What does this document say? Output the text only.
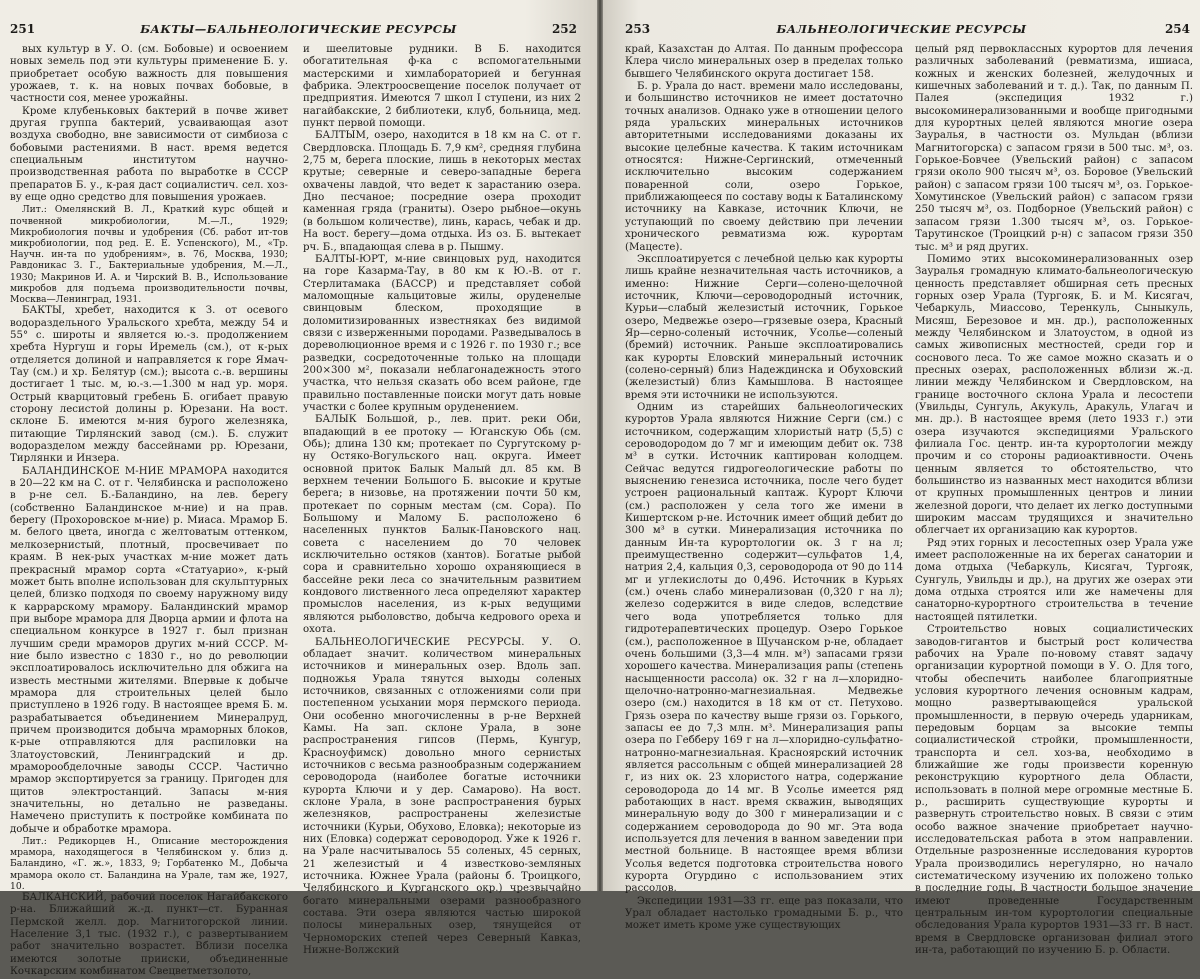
251	БАКТЫ—БАЛЬНЕОЛОГИЧЕСКИЕ РЕСУРСЫ	252

вых культур в У. О. (см. Бобовые) и освоением новых земель под эти культуры применение Б. у. приобретает особую важность для повышения урожаев, т. к. на новых почвах бобовые, в частности соя, менее урожайны.

Кроме клубеньковых бактерий в почве живет другая группа бактерий, усваивающая азот воздуха свободно, вне зависимости от симбиоза с бобовыми растениями. В наст. время ведется специальным институтом научно-производственная работа по выработке в СССР препаратов Б. у., к-рая даст социалистич. сел. хоз-ву еще одно средство для повышения урожаев.

Лит.: Омелянский В. Л., Краткий курс общей и почвенной микробиологии, М.—Л., 1929; Микробиология почвы и удобрения (Сб. работ ит-тов микробиологии, под ред. Е. Е. Успенского), М., «Тр. Научн. ин-та по удобрениям», в. 76, Москва, 1930; Равдоникас З. Г., Бактериальные удобрения, М.—Л., 1930; Макринов И. А. и Чирский В. В., Использование микробов для подъема производительности почвы, Москва—Ленинград, 1931.

БАКТЫ, хребет, находится к З. от осевого водораздельного Уральского хребта, между 54 и 55° с. широты и является ю.-з. продолжением хребта Нургуш и горы Иремель (см.), от к-рых отделяется долиной и направляется к горе Ямач-Тау (см.) и хр. Белятур (см.); высота с.-в. вершины достигает 1 тыс. м, ю.-з.—1.300 м над ур. моря. Острый кварцитовый гребень Б. огибает правую сторону лесистой долины р. Юрезани. На вост. склоне Б. имеются м-ния бурого железняка, питающие Тирлянский завод (см.). Б. служит водоразделом между бассейнами рр. Юрезани, Тирлянки и Инзера.

БАЛАНДИНСКОЕ М-НИЕ МРАМОРА находится в 20—22 км на С. от г. Челябинска и расположено в р-не сел. Б.-Баландино, на лев. берегу (собственно Баландинское м-ние) и на прав. берегу (Прохоровское м-ние) р. Миаса. Мрамор Б. м. белого цвета, иногда с желтоватым оттенком, мелкозернистый, плотный, просвечивает по краям. В нек-рых участках м-ние может дать прекрасный мрамор сорта «Статуарио», к-рый может быть вполне использован для скульптурных целей, близко подходя по своему наружному виду к каррарскому мрамору. Баландинский мрамор при выборе мрамора для Дворца армии и флота на специальном конкурсе в 1927 г. был признан лучшим среди мраморов других м-ний СССР. М-ние было известно с 1830 г., но до революции эксплоатировалось исключительно для обжига на известь местными жителями. Впервые к добыче мрамора для строительных целей было приступлено в 1926 году. В настоящее время Б. м. разрабатывается объединением Минералруд, причем производится добыча мраморных блоков, к-рые отправляются для распиловки на Златоустовский, Ленинградский и др. мраморообделочные заводы СССР. Частично мрамор экспортируется за границу. Пригоден для щитов электростанций. Запасы м-ния значительны, но детально не разведаны. Намечено приступить к постройке комбината по добыче и обработке мрамора.

Лит.: Редикорцев Н., Описание месторождения мрамора, находящегося в Челябинском у. близ д. Баландино, «Г. ж.», 1833, 9; Горбатенко М., Добыча мрамора около ст. Баландина на Урале, там же, 1927, 10.

БАЛКАНСКИЙ, рабочий поселок Нагайбакского р-на. Ближайший ж.-д. пункт—ст. Буранная Пермской желл. дор. Магнитогорской линии. Население 3,1 тыс. (1932 г.), с развертыванием работ значительно возрастет. Вблизи поселка имеются золотые прииски, объединенные Кочкарским комбинатом Свецветметзолото,

и шеелитовые рудники. В Б. находится обогатительная ф-ка с вспомогательными мастерскими и химлабораторией и бегунная фабрика. Электроосвещение поселок получает от предприятия. Имеются 7 школ I ступени, из них 2 нагайбакские, 2 библиотеки, клуб, больница, мед. пункт первой помощи.

БАЛТЫМ, озеро, находится в 18 км на С. от г. Свердловска. Площадь Б. 7,9 км², средняя глубина 2,75 м, берега плоские, лишь в некоторых местах крутые; северные и северо-западные берега охвачены лавдой, что ведет к зарастанию озера. Дно песчаное; посредние озера проходит каменная гряда (граниты). Озеро рыбное—окунь (в большом количестве), линь, карась, чебак и др. На вост. берегу—дома отдыха. Из оз. Б. вытекает рч. Б., впадающая слева в р. Пышму.

БАЛТЫ-ЮРТ, м-ние свинцовых руд, находится на горе Казарма-Тау, в 80 км к Ю.-В. от г. Стерлитамака (БАССР) и представляет собой маломощные кальцитовые жилы, оруденелые свинцовым блеском, проходящие в доломитизированных известняках без видимой связи с изверженными породами. Разведывалось в дореволюционное время и с 1926 г. по 1930 г.; все разведки, сосредоточенные только на площади 200×300 м², показали неблагонадежность этого участка, что нельзя сказать обо всем районе, где правильно поставленные поиски могут дать новые участки с более крупным оруденением.

БАЛЫК Большой, р., лев. прит. реки Оби, впадающий в ее протоку — Юганскую Обь (см. Обь); длина 130 км; протекает по Сургутскому р-ну Остяко-Вогульского нац. округа. Имеет основной приток Балык Малый дл. 85 км. В верхнем течении Большого Б. высокие и крутые берега; в низовье, на протяжении почти 50 км, протекает по сорным местам (см. Сора). По Большому и Малому Б. расположено 6 населенных пунктов Балык-Пановского нац. совета с населением до 70 человек исключительно остяков (хантов). Богатые рыбой сора и сравнительно хорошо охраняющиеся в бассейне реки леса со значительным развитием кондового лиственного леса определяют характер промыслов населения, из к-рых ведущими являются рыболовство, добыча кедрового ореха и охота.

БАЛЬНЕОЛОГИЧЕСКИЕ РЕСУРСЫ. У. О. обладает значит. количеством минеральных источников и минеральных озер. Вдоль зап. подножья Урала тянутся выходы соленых источников, связанных с отложениями соли при постепенном усыхании моря пермского периода. Они особенно многочисленны в р-не Верхней Камы. На зап. склоне Урала, в зоне распространения гипсов (Пермь, Кунгур, Красноуфимск) довольно много сернистых источников с весьма разнообразным содержанием сероводорода (наиболее богатые источники курорта Ключи и у дер. Самарово). На вост. склоне Урала, в зоне распространения бурых железняков, распространены железистые источники (Курьи, Обухово, Еловка); некоторые из них (Еловка) содержат сероводород. Уже к 1926 г. на Урале насчитывалось 55 соленых, 45 серных, 21 железистый и 4 известково-земляных источника. Южнее Урала (районы б. Троицкого, Челябинского и Курганского окр.) чрезвычайно богато минеральными озерами разнообразного состава. Эти озера являются частью широкой полосы минеральных озер, тянущейся от Черноморских степей через Северный Кавказ, Нижне-Волжский

253	БАЛЬНЕОЛОГИЧЕСКИЕ РЕСУРСЫ	254

край, Казахстан до Алтая. По данным профессора Клера число минеральных озер в пределах только бывшего Челябинского округа достигает 158.

Б. р. Урала до наст. времени мало исследованы, и большинство источников не имеет достаточно точных анализов. Однако уже в отношении целого ряда уральских минеральных источников авторитетными исследованиями доказаны их высокие целебные качества. К таким источникам относятся: Нижне-Сергинский, отмеченный исключительно высоким содержанием поваренной соли, озеро Горькое, приближающееся по составу воды к Баталинскому источнику на Кавказе, источник Ключи, не уступающий по своему действию при лечении хронического ревматизма юж. курортам (Мацесте).

Эксплоатируется с лечебной целью как курорты лишь крайне незначительная часть источников, а именно: Нижние Серги—солено-щелочной источник, Ключи—сероводородный источник, Курьи—слабый железистый источник, Горькое озеро, Медвежье озеро—грязевые озера, Красный Яр—серно-соленый источник, Усолье—соленый (бремий) источник. Раньше эксплоатировались как курорты Еловский минеральный источник (солено-серный) близ Надеждинска и Обуховский (железистый) близ Камышлова. В настоящее время эти источники не используются.

Одним из старейших бальнеологических курортов Урала являются Нижние Серги (см.) с источником, содержащим хлористый натр (5,5) с сероводородом до 7 мг и имеющим дебит ок. 738 м³ в сутки. Источник каптирован колодцем. Сейчас ведутся гидрогеологические работы по выяснению генезиса источника, после чего будет устроен рациональный каптаж. Курорт Ключи (см.) расположен у села того же имени в Кишертском р-не. Источник имеет общий дебит до 300 м³ в сутки. Минерализация источника по данным Ин-та курортологии ок. 3 г на л; преимущественно содержит—сульфатов 1,4, натрия 2,4, кальция 0,3, сероводорода от 90 до 114 мг и углекислоты до 0,496. Источник в Курьях (см.) очень слабо минерализован (0,320 г на л); железо содержится в виде следов, вследствие чего вода употребляется только для гидротерапевтических процедур. Озеро Горькое (см.), расположенное в Щучанском р-не, обладает очень большими (3,3—4 млн. м³) запасами грязи хорошего качества. Минерализация рапы (степень насыщенности рассола) ок. 32 г на л—хлоридно-щелочно-натронно-магнезиальная. Медвежье озеро (см.) находится в 18 км от ст. Петухово. Грязь озера по качеству выше грязи оз. Горького, запасы ее до 7,3 млн. м³. Минерализация рапы озера по Гебберу 169 г на л—хлоридно-сульфатно-натронно-магнезиальная. Красноярский источник является рассольным с общей минерализацией 28 г, из них ок. 23 хлористого натра, содержание сероводорода до 14 мг. В Усолье имеется ряд работающих в наст. время скважин, выводящих минеральную воду до 300 г минерализации и с содержанием сероводорода до 90 мг. Эта вода используется для лечения в ванном заведении при местной больнице. В настоящее время вблизи Усолья ведется подготовка строительства нового курорта Огурдино с использованием этих рассолов.

Экспедиции 1931—33 гг. еще раз показали, что Урал обладает настолько громадными Б. р., что может иметь кроме уже существующих

целый ряд первоклассных курортов для лечения различных заболеваний (ревматизма, ишиаса, кожных и женских болезней, желудочных и кишечных заболеваний и т. д.). Так, по данным П. Палея (экспедиция 1932 г.) высокоминерализованными и вообще пригодными для курортных целей являются многие озера Зауралья, в частности оз. Мульдан (вблизи Магнитогорска) с запасом грязи в 500 тыс. м³, оз. Горькое-Бовчее (Увельский район) с запасом грязи около 900 тысяч м³, оз. Боровое (Увельский район) с запасом грязи 100 тысяч м³, оз. Горькое-Хомутинское (Увельский район) с запасом грязи 250 тысяч м³, оз. Подборное (Увельский район) с запасом грязи 1.300 тысяч м³, оз. Горькое-Тарутинское (Троицкий р-н) с запасом грязи 350 тыс. м³ и ряд других.

Помимо этих высокоминерализованных озер Зауралья громадную климато-бальнеологическую ценность представляет обширная сеть пресных горных озер Урала (Тургояк, Б. и М. Кисягач, Чебаркуль, Миассово, Теренкуль, Сыныкуль, Мисяш, Березовое и мн. др.), расположенных между Челябинском и Златоустом, в одной из самых живописных местностей, среди гор и соснового леса. То же самое можно сказать и о пресных озерах, расположенных вблизи ж.-д. линии между Челябинском и Свердловском, на границе восточного склона Урала и лесостепи (Увильды, Сунгуль, Акукуль, Аракуль, Улагач и мн. др.). В настоящее время (лето 1933 г.) эти озера изучаются экспедициями Уральского филиала Гос. центр. ин-та курортологии между прочим и со стороны радиоактивности. Очень ценным является то обстоятельство, что большинство из названных мест находится вблизи от крупных промышленных центров и линии железной дороги, что делает их легко доступными широким массам трудящихся и значительно облегчает их организацию как курортов.

Ряд этих горных и лесостепных озер Урала уже имеет расположенные на их берегах санатории и дома отдыха (Чебаркуль, Кисягач, Тургояк, Сунгуль, Увильды и др.), на других же озерах эти дома отдыха строятся или же намечены для санаторно-курортного строительства в течение настоящей пятилетки.

Строительство новых социалистических заводов-гигантов и быстрый рост количества рабочих на Урале по-новому ставят задачу организации курортной помощи в У. О. Для того, чтобы обеспечить наиболее благоприятные условия курортного лечения основным кадрам, мощно развертывающейся уральской промышленности, в первую очередь ударникам, передовым борцам за высокие темпы социалистической стройки, промышленности, транспорта и сел. хоз-ва, необходимо в ближайшие же годы произвести коренную реконструкцию курортного дела Области, использовать в полной мере огромные местные Б. р., расширить существующие курорты и развернуть строительство новых. В связи с этим особо важное значение приобретает научно-исследовательская работа в этом направлении. Отдельные разрозненные исследования курортов Урала производились нерегулярно, но начало систематическому изучению их положено только в последние годы. В частности большое значение имеют проведенные Государственным центральным ин-том курортологии специальные обследования Урала курортов 1931—33 гг. В наст. время в Свердловске организован филиал этого ин-та, работающий по изучению Б. р. Области.
